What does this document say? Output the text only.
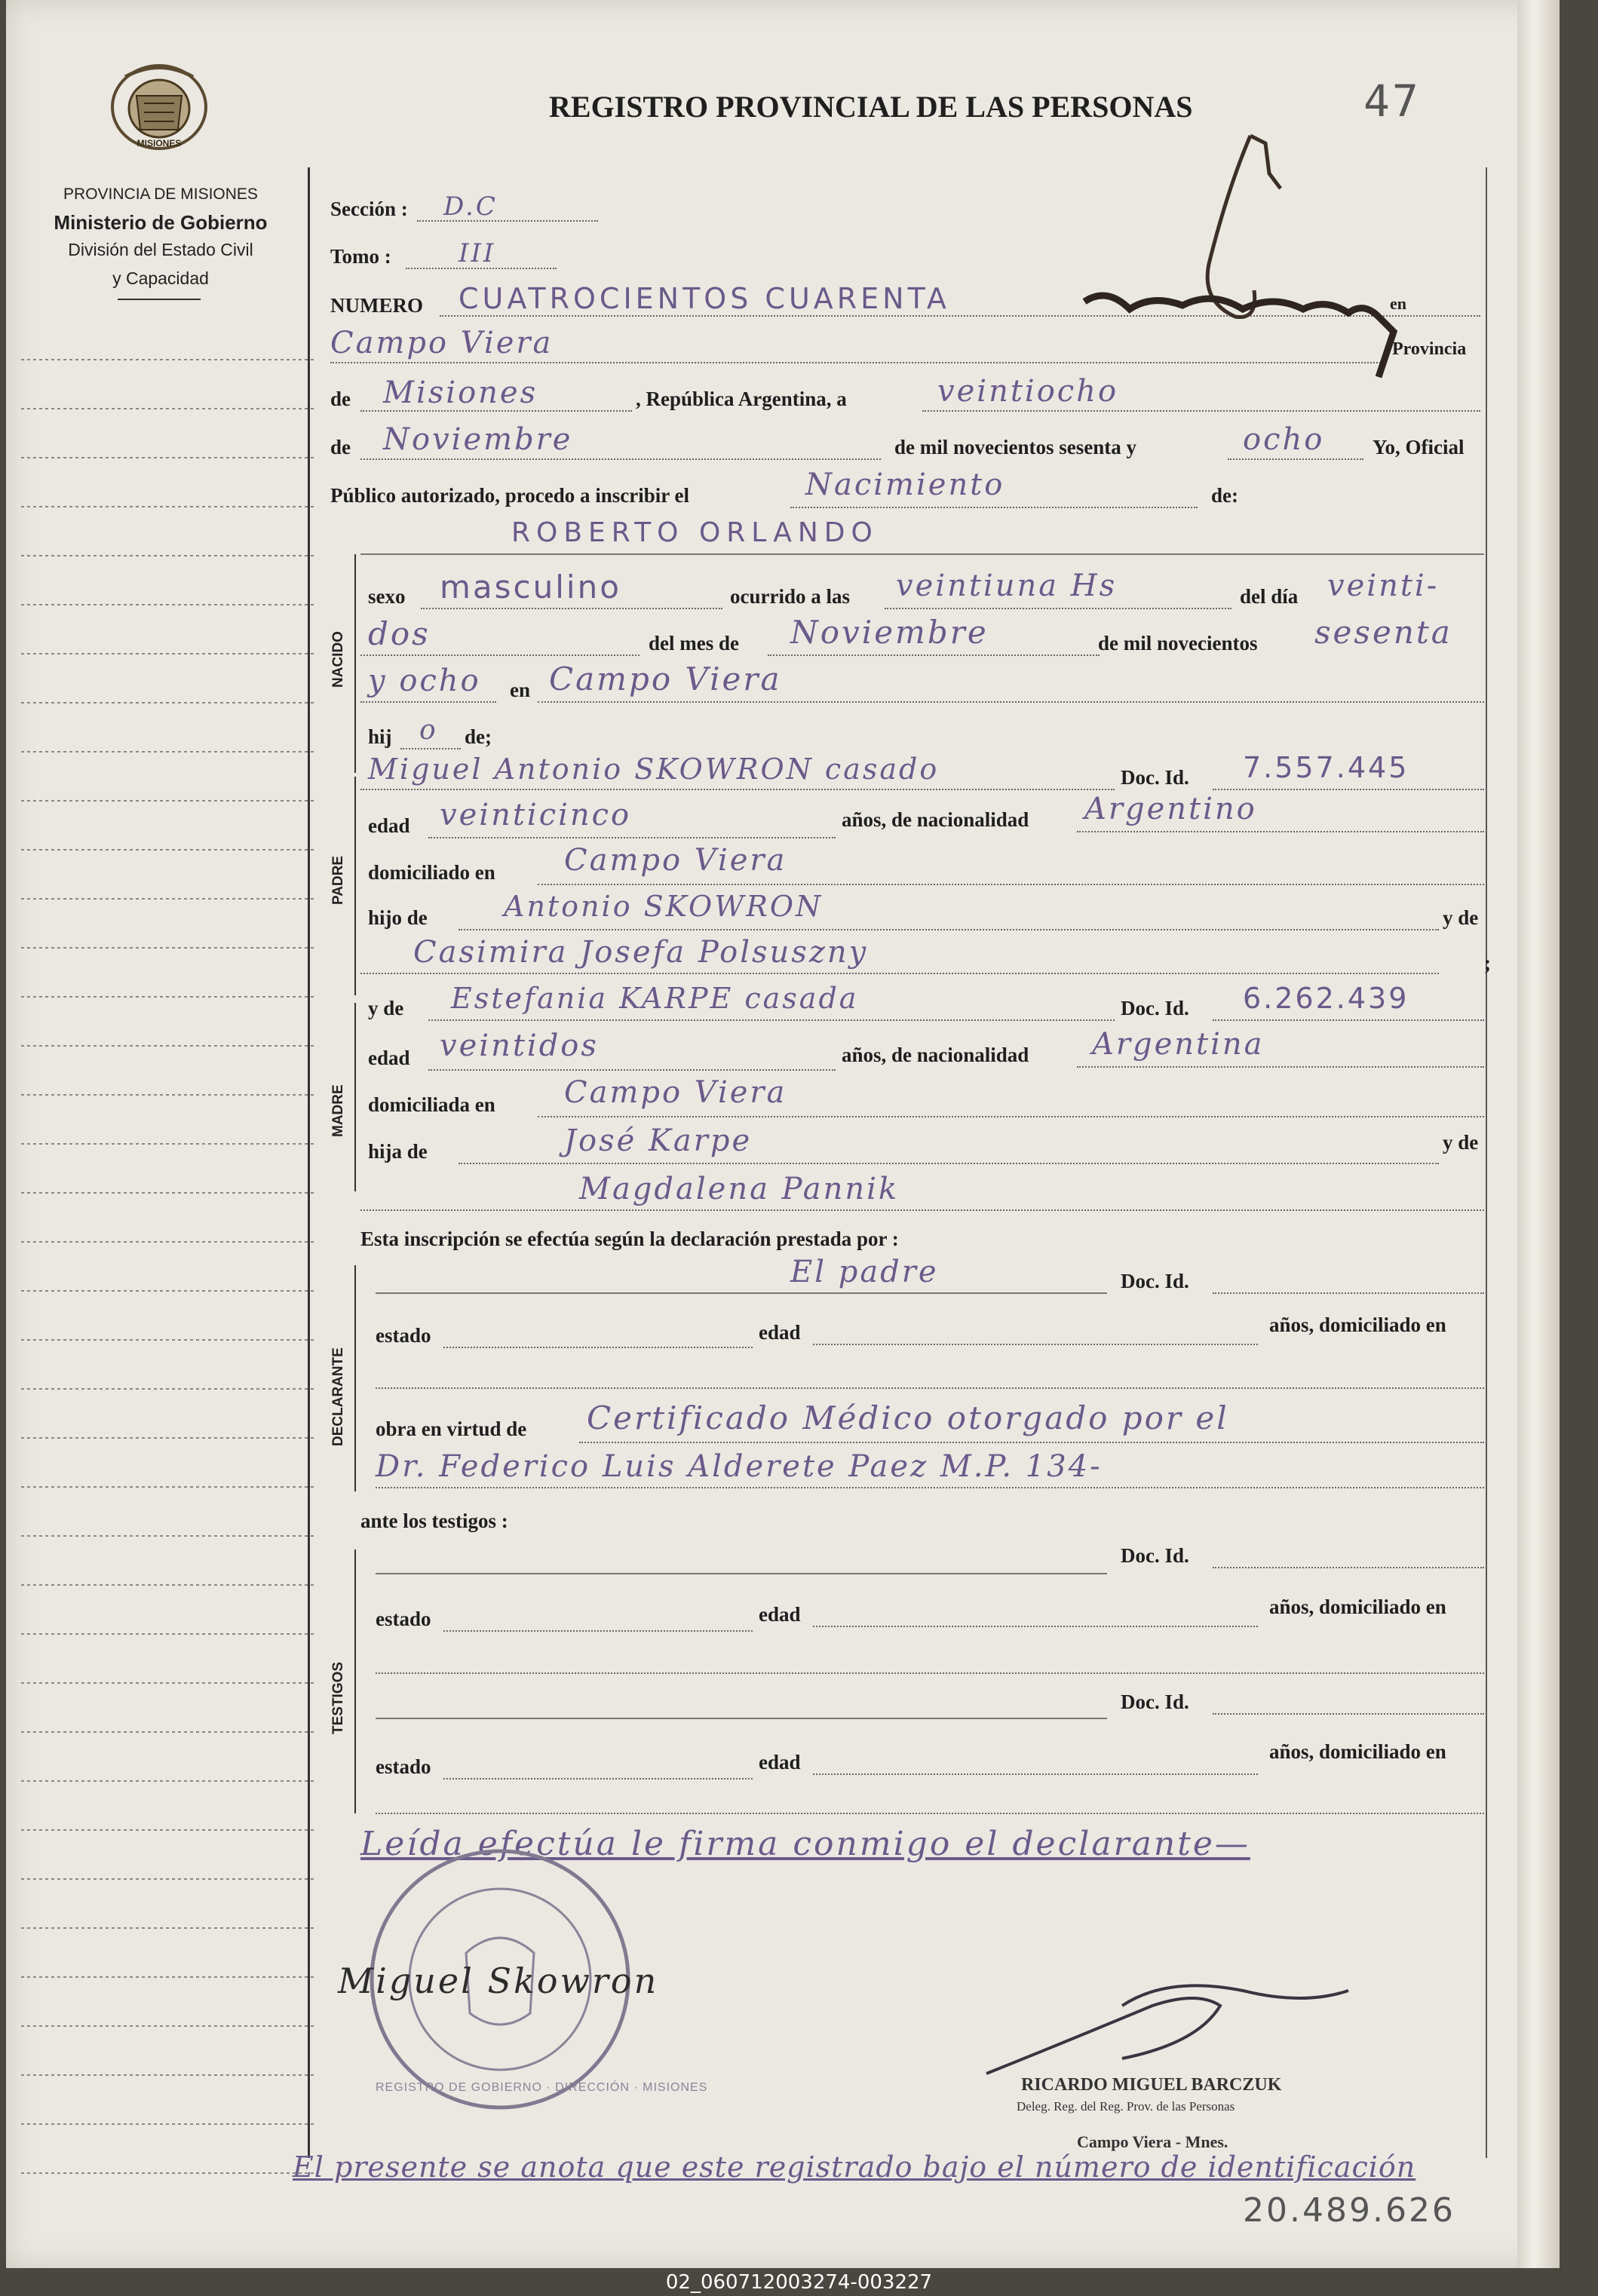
MISIONES
PROVINCIA DE MISIONES
Ministerio de Gobierno
División del Estado Civil
y Capacidad
REGISTRO PROVINCIAL DE LAS PERSONAS	47
NACIDO
PADRE
MADRE
DECLARANTE
TESTIGOS
Sección : D.C
Tomo :	III
NUMERO CUATROCIENTOS CUARENTA	en
Campo Viera	Provincia
de Misiones	, República Argentina, a	veintiocho
de Noviembre	de mil novecientos sesenta y	ocho Yo, Oficial
Público autorizado, procedo a inscribir el	Nacimiento	de:
ROBERTO ORLANDO
sexo masculino	ocurrido a las veintiuna Hs	del día veinti-
dos	del mes de Noviembre	de mil novecientos sesenta
y ocho en Campo Viera
hij o de;
Miguel Antonio SKOWRON casado	Doc. Id. 7.557.445
edad veinticinco	años, de nacionalidad Argentino
domiciliado en Campo Viera
hijo de	Antonio SKOWRON	y de
Casimira Josefa Polsuszny	;
y de Estefania KARPE casada	Doc. Id. 6.262.439
edad veintidos	años, de nacionalidad Argentina
domiciliada en Campo Viera
hija de	José Karpe	y de
Magdalena Pannik
Esta inscripción se efectúa según la declaración prestada por :
El padre	Doc. Id.
estado	edad	años, domiciliado en
obra en virtud de Certificado Médico otorgado por el
Dr. Federico Luis Alderete Paez M.P. 134-
ante los testigos :
Doc. Id.
estado	edad	años, domiciliado en
Doc. Id.
estado	edad	años, domiciliado en
Leída efectúa le firma conmigo el declarante—
REGISTRO DE GOBIERNO · DIRECCIÓN · MISIONES
Miguel Skowron
RICARDO MIGUEL BARCZUK
Deleg. Reg. del Reg. Prov. de las Personas
Campo Viera - Mnes.
El presente se anota que este registrado bajo el número de identificación
20.489.626
02_060712003274-003227
